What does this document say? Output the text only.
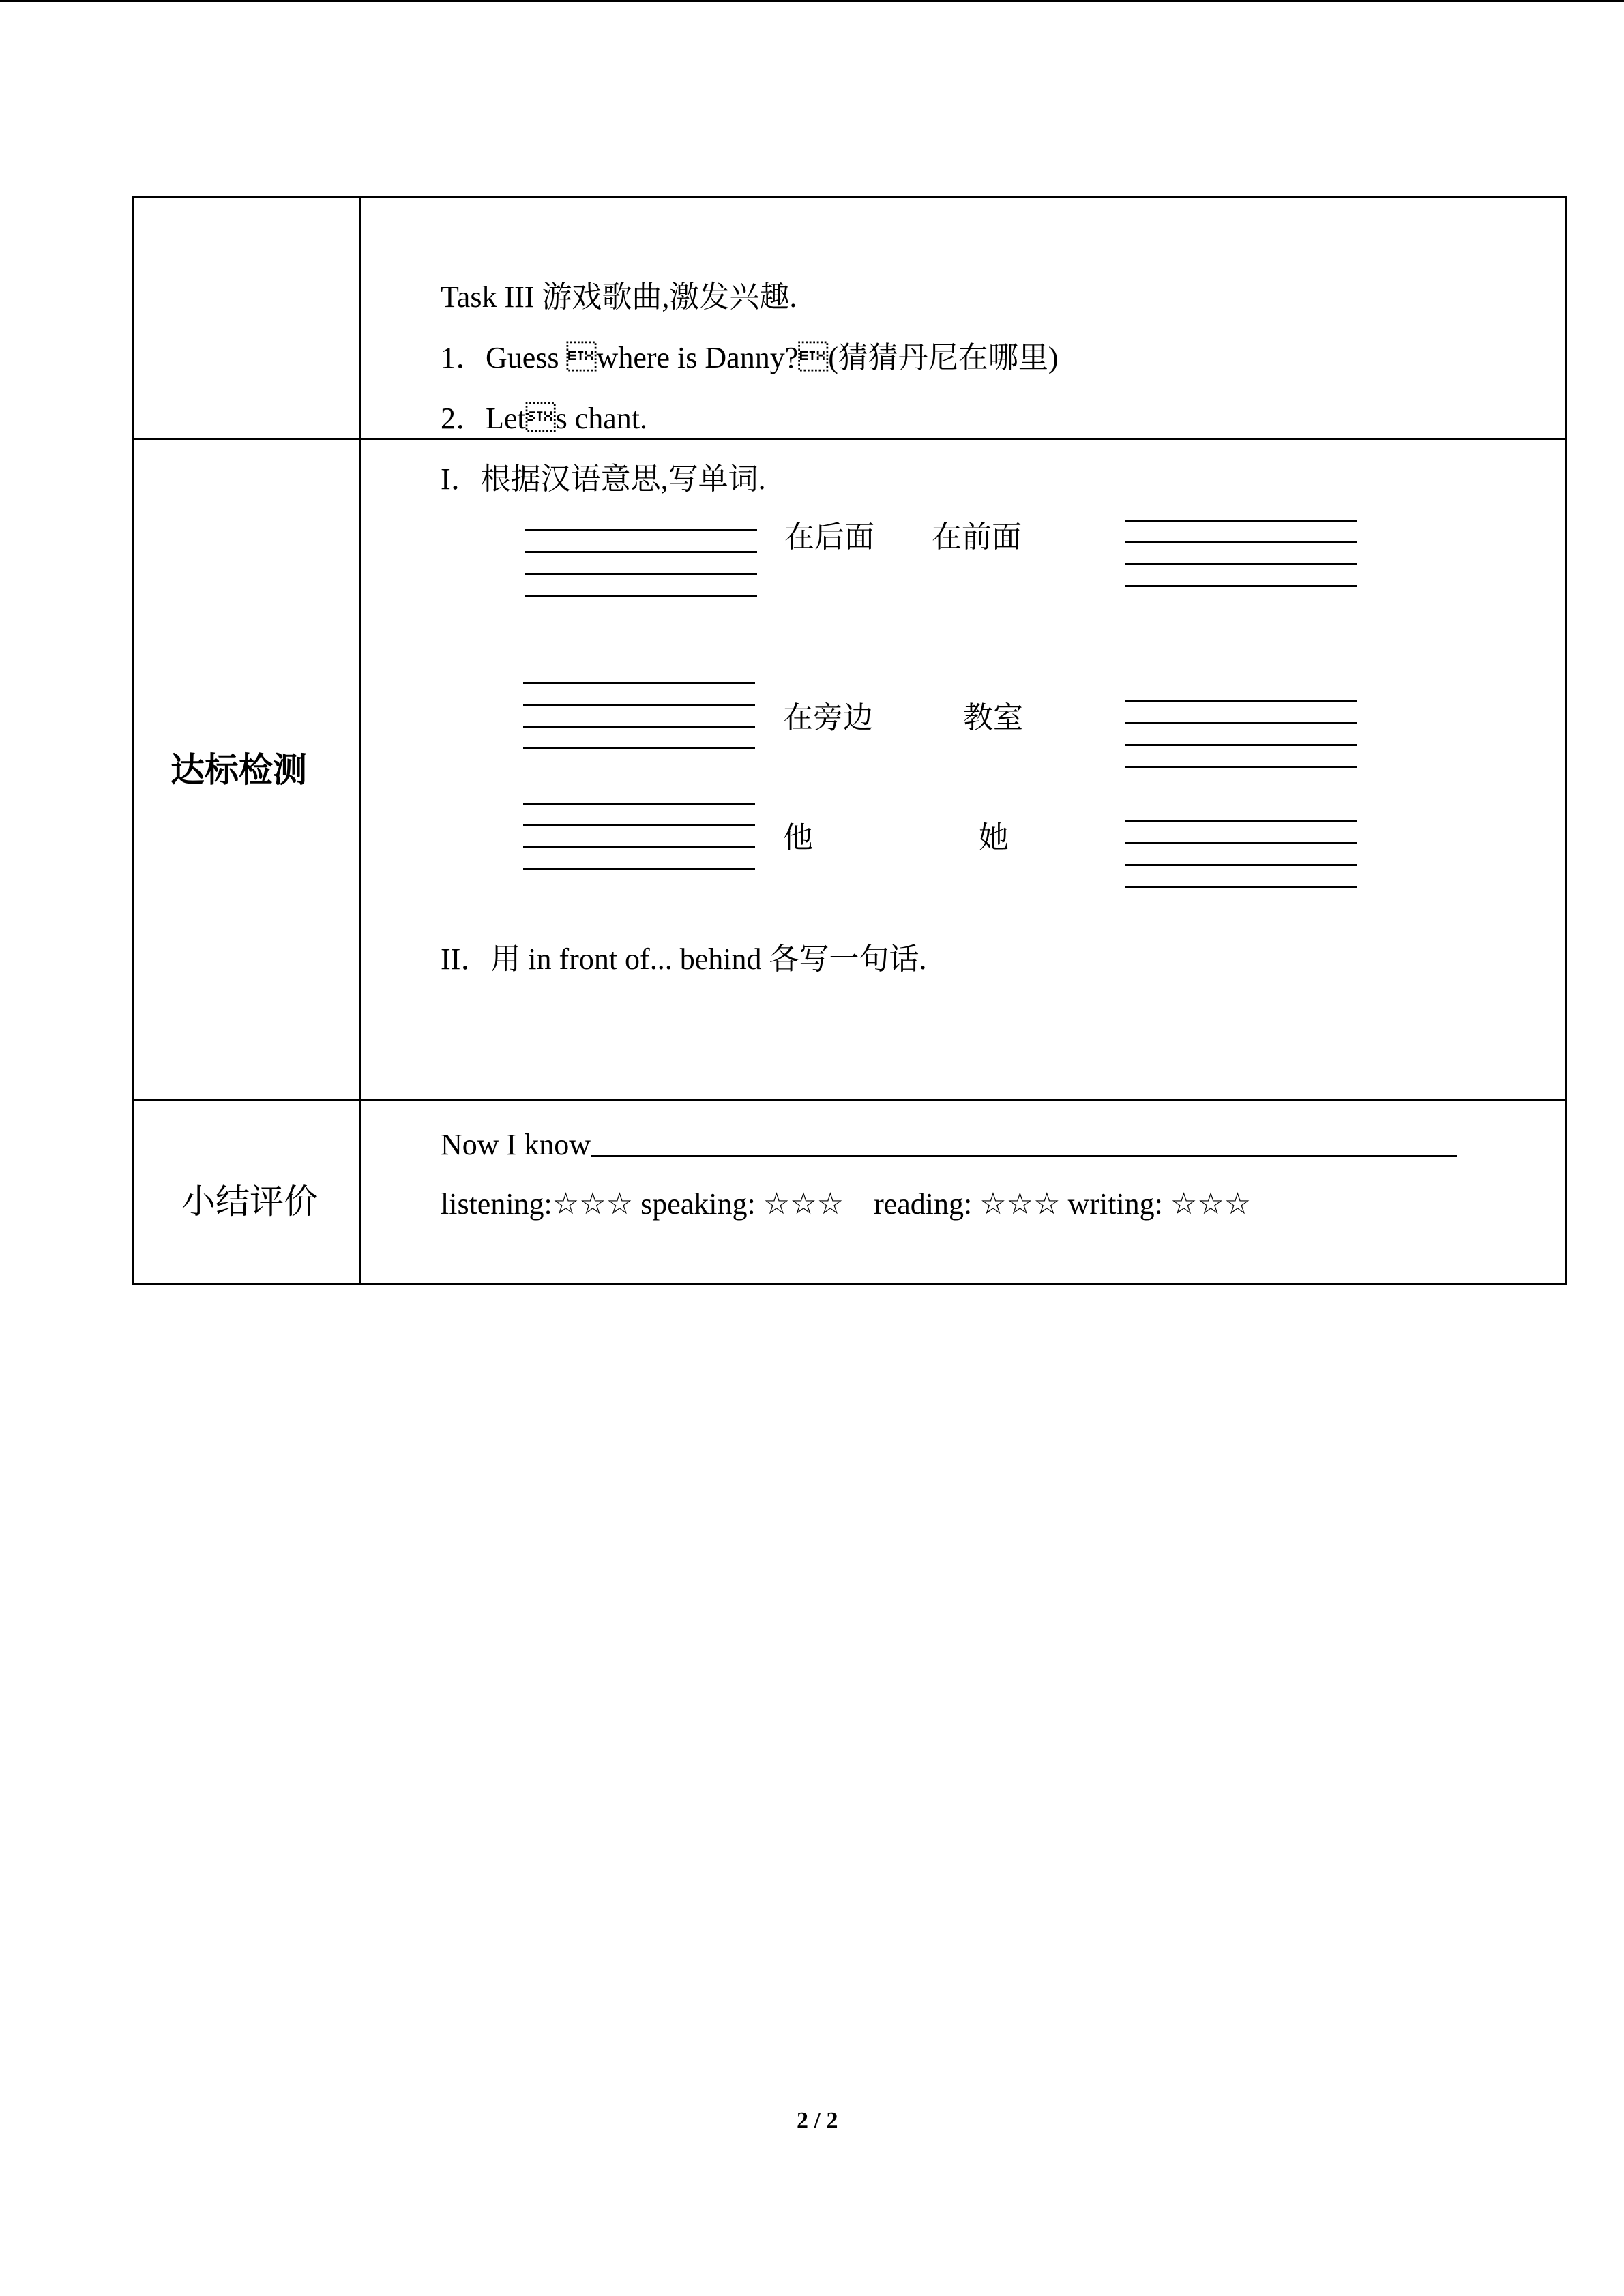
Task III 游戏歌曲,激发兴趣.
1．Guess where is Danny?(猜猜丹尼在哪里)
2．Lets chant.
达标检测
I．根据汉语意思,写单词.
在后面 在前面
在旁边	教室
他	她
II．用 in front of... behind 各写一句话.
小结评价
Now I know
listening:☆☆☆ speaking: ☆☆☆    reading: ☆☆☆ writing: ☆☆☆
2 / 2
